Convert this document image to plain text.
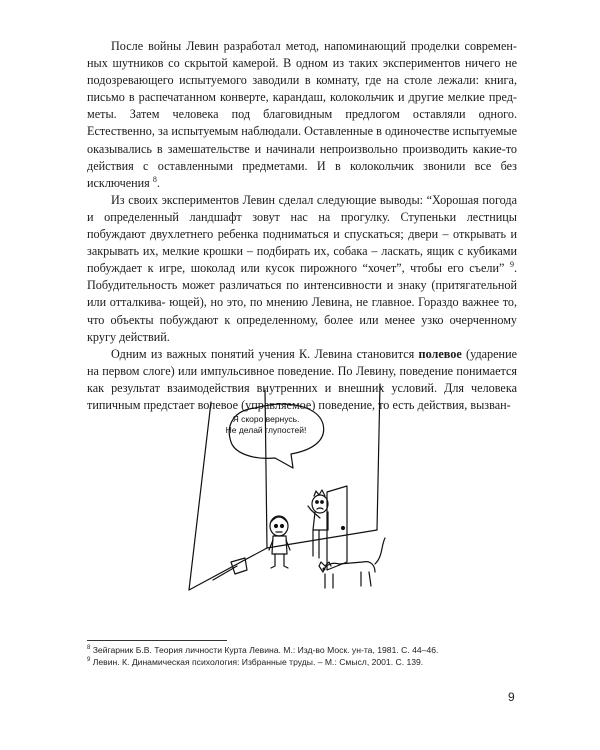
После войны Левин разработал метод, напоминающий проделки современ- ных шутников со скрытой камерой. В одном из таких экспериментов ничего не подозревающего испытуемого заводили в комнату, где на столе лежали: книга, письмо в распечатанном конверте, карандаш, колокольчик и другие мелкие пред- меты. Затем человека под благовидным предлогом оставляли одного. Естественно, за испытуемым наблюдали. Оставленные в одиночестве испытуемые оказывались в замешательстве и начинали непроизвольно производить какие-то действия с оставленными предметами. И в колокольчик звонили все без исключения $^8$.

Из своих экспериментов Левин сделал следующие выводы: “Хорошая погода и определенный ландшафт зовут нас на прогулку. Ступеньки лестницы побуждают двухлетнего ребенка подниматься и спускаться; двери – открывать и закрывать их, мелкие крошки – подбирать их, собака – ласкать, ящик с кубиками побуждает к игре, шоколад или кусок пирожного “хочет”, чтобы его съели” $^9$. Побудительность может различаться по интенсивности и знаку (притягательной или отталкива- ющей), но это, по мнению Левина, не главное. Гораздо важнее то, что объекты побуждают к определенному, более или менее узко очерченному кругу действий.

Одним из важных понятий учения К. Левина становится полевое (ударение на первом слоге) или импульсивное поведение. По Левину, поведение понимается как результат взаимодействия внутренних и внешних условий. Для человека типичным предстает волевое (управляемое) поведение, то есть действия, вызван-

Я скоро вернусь.
Не делай глупостей!
$^8$ Зейгарник Б.В. Теория личности Курта Левина. М.: Изд-во Моск. ун-та, 1981. С. 44–46.
$^9$ Левин. К. Динамическая психология: Избранные труды. – М.: Смысл, 2001. С. 139.
9
